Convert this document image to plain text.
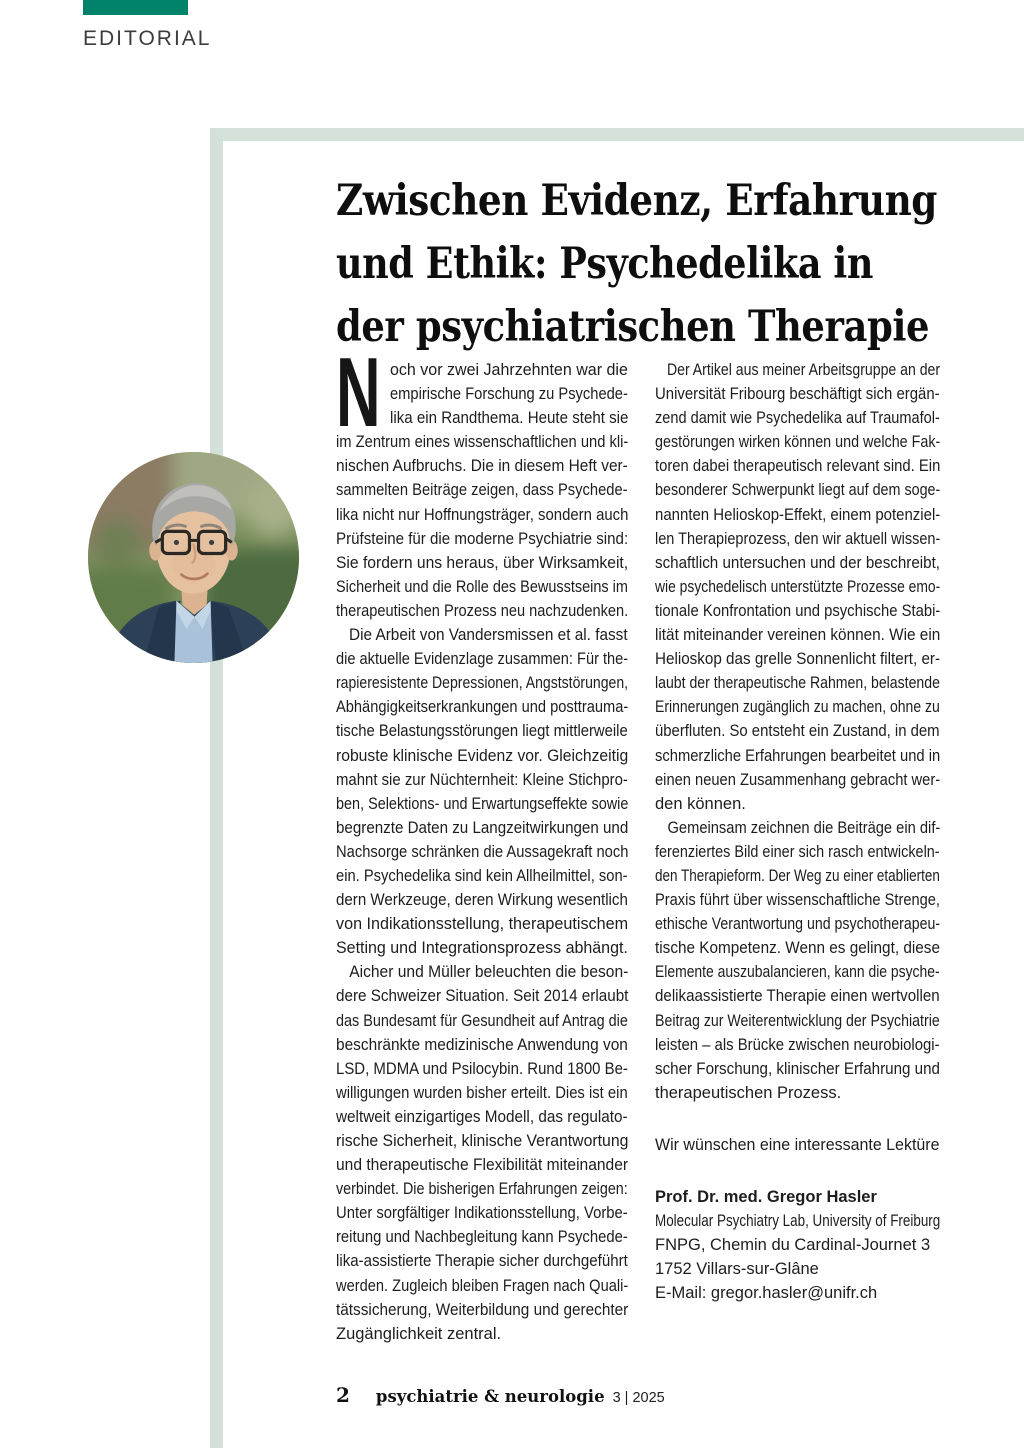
EDITORIAL
Zwischen Evidenz, Erfahrung
und Ethik: Psychedelika in
der psychiatrischen Therapie
N och vor zwei Jahrzehnten war die
empirische Forschung zu Psychede-
lika ein Randthema. Heute steht sie
im Zentrum eines wissenschaftlichen und kli-
nischen Aufbruchs. Die in diesem Heft ver-
sammelten Beiträge zeigen, dass Psychede-
lika nicht nur Hoffnungsträger, sondern auch
Prüfsteine für die moderne Psychiatrie sind:
Sie fordern uns heraus, über Wirksamkeit,
Sicherheit und die Rolle des Bewusstseins im
therapeutischen Prozess neu nachzudenken.
Die Arbeit von Vandersmissen et al. fasst
die aktuelle Evidenzlage zusammen: Für the-
rapieresistente Depressionen, Angststörungen,
Abhängigkeitserkrankungen und posttrauma-
tische Belastungsstörungen liegt mittlerweile
robuste klinische Evidenz vor. Gleichzeitig
mahnt sie zur Nüchternheit: Kleine Stichpro-
ben, Selektions- und Erwartungseffekte sowie
begrenzte Daten zu Langzeitwirkungen und
Nachsorge schränken die Aussagekraft noch
ein. Psychedelika sind kein Allheilmittel, son-
dern Werkzeuge, deren Wirkung wesentlich
von Indikationsstellung, therapeutischem
Setting und Integrationsprozess abhängt.
Aicher und Müller beleuchten die beson-
dere Schweizer Situation. Seit 2014 erlaubt
das Bundesamt für Gesundheit auf Antrag die
beschränkte medizinische Anwendung von
LSD, MDMA und Psilocybin. Rund 1800 Be-
willigungen wurden bisher erteilt. Dies ist ein
weltweit einzigartiges Modell, das regulato-
rische Sicherheit, klinische Verantwortung
und therapeutische Flexibilität miteinander
verbindet. Die bisherigen Erfahrungen zeigen:
Unter sorgfältiger Indikationsstellung, Vorbe-
reitung und Nachbegleitung kann Psychede-
lika-assistierte Therapie sicher durchgeführt
werden. Zugleich bleiben Fragen nach Quali-
tätssicherung, Weiterbildung und gerechter
Zugänglichkeit zentral.
Der Artikel aus meiner Arbeitsgruppe an der
Universität Fribourg beschäftigt sich ergän-
zend damit wie Psychedelika auf Traumafol-
gestörungen wirken können und welche Fak-
toren dabei therapeutisch relevant sind. Ein
besonderer Schwerpunkt liegt auf dem soge-
nannten Helioskop-Effekt, einem potenziel-
len Therapieprozess, den wir aktuell wissen-
schaftlich untersuchen und der beschreibt,
wie psychedelisch unterstützte Prozesse emo-
tionale Konfrontation und psychische Stabi-
lität miteinander vereinen können. Wie ein
Helioskop das grelle Sonnenlicht filtert, er-
laubt der therapeutische Rahmen, belastende
Erinnerungen zugänglich zu machen, ohne zu
überfluten. So entsteht ein Zustand, in dem
schmerzliche Erfahrungen bearbeitet und in
einen neuen Zusammenhang gebracht wer-
den können.
Gemeinsam zeichnen die Beiträge ein dif-
ferenziertes Bild einer sich rasch entwickeln-
den Therapieform. Der Weg zu einer etablierten
Praxis führt über wissenschaftliche Strenge,
ethische Verantwortung und psychotherapeu-
tische Kompetenz. Wenn es gelingt, diese
Elemente auszubalancieren, kann die psyche-
delikaassistierte Therapie einen wertvollen
Beitrag zur Weiterentwicklung der Psychiatrie
leisten – als Brücke zwischen neurobiologi-
scher Forschung, klinischer Erfahrung und
therapeutischen Prozess.
Wir wünschen eine interessante Lektüre
Prof. Dr. med. Gregor Hasler
Molecular Psychiatry Lab, University of Freiburg
FNPG, Chemin du Cardinal-Journet 3
1752 Villars-sur-Glâne
E-Mail: gregor.hasler@unifr.ch
2 psychiatrie & neurologie 3 | 2025
